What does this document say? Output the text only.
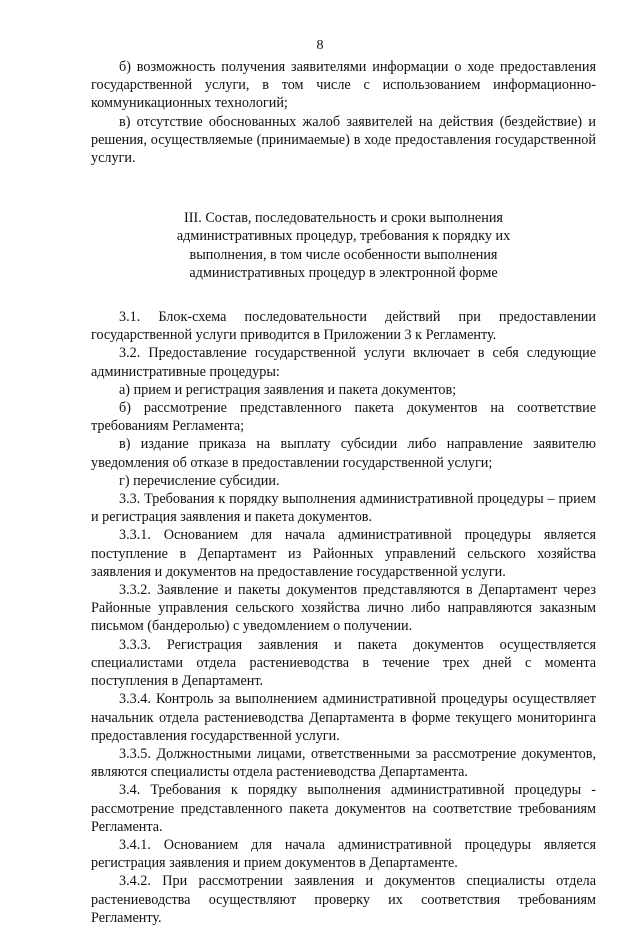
8

б) возможность получения заявителями информации о ходе предоставления государственной услуги, в том числе с использованием информационно-коммуникационных технологий;

в) отсутствие обоснованных жалоб заявителей на действия (бездействие) и решения, осуществляемые (принимаемые) в ходе предоставления государственной услуги.

III. Состав, последовательность и сроки выполнения
административных процедур, требования к порядку их
выполнения, в том числе особенности выполнения
административных процедур в электронной форме

3.1. Блок-схема последовательности действий при предоставлении государственной услуги приводится в Приложении 3 к Регламенту.

3.2. Предоставление государственной услуги включает в себя следующие административные процедуры:

а) прием и регистрация заявления и пакета документов;

б) рассмотрение представленного пакета документов на соответствие требованиям Регламента;

в) издание приказа на выплату субсидии либо направление заявителю уведомления об отказе в предоставлении государственной услуги;

г) перечисление субсидии.

3.3. Требования к порядку выполнения административной процедуры – прием и регистрация заявления и пакета документов.

3.3.1. Основанием для начала административной процедуры является поступление в Департамент из Районных управлений сельского хозяйства заявления и документов на предоставление государственной услуги.

3.3.2. Заявление и пакеты документов представляются в Департамент через Районные управления сельского хозяйства лично либо направляются заказным письмом (бандеролью) с уведомлением о получении.

3.3.3. Регистрация заявления и пакета документов осуществляется специалистами отдела растениеводства в течение трех дней с момента поступления в Департамент.

3.3.4. Контроль за выполнением административной процедуры осуществляет начальник отдела растениеводства Департамента в форме текущего мониторинга предоставления государственной услуги.

3.3.5. Должностными лицами, ответственными за рассмотрение документов, являются специалисты отдела растениеводства Департамента.

3.4. Требования к порядку выполнения административной процедуры - рассмотрение представленного пакета документов на соответствие требованиям Регламента.

3.4.1. Основанием для начала административной процедуры является регистрация заявления и прием документов в Департаменте.

3.4.2. При рассмотрении заявления и документов специалисты отдела растениеводства осуществляют проверку их соответствия требованиям Регламенту.
